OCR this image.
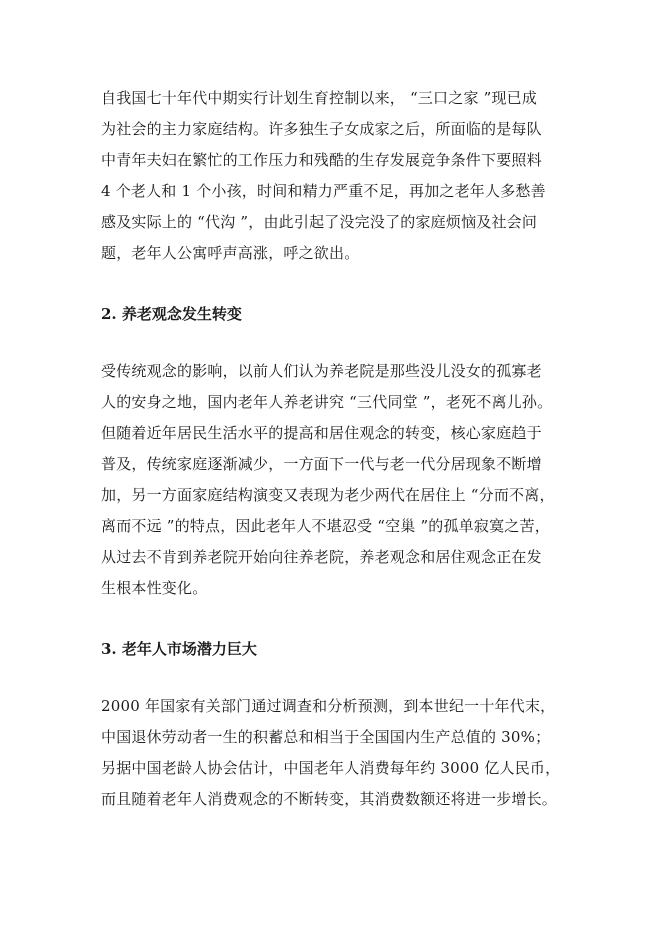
自我国七十年代中期实行计划生育控制以来， “三口之家 ”现已成
为社会的主力家庭结构。许多独生子女成家之后，所面临的是每队
中青年夫妇在繁忙的工作压力和残酷的生存发展竞争条件下要照料
4 个老人和 1 个小孩，时间和精力严重不足，再加之老年人多愁善
感及实际上的 “代沟 ”，由此引起了没完没了的家庭烦恼及社会问
题，老年人公寓呼声高涨，呼之欲出。
2. 养老观念发生转变
受传统观念的影响，以前人们认为养老院是那些没儿没女的孤寡老
人的安身之地，国内老年人养老讲究 “三代同堂 ”，老死不离儿孙。
但随着近年居民生活水平的提高和居住观念的转变，核心家庭趋于
普及，传统家庭逐渐减少，一方面下一代与老一代分居现象不断增
加，另一方面家庭结构演变又表现为老少两代在居住上 “分而不离，
离而不远 ”的特点，因此老年人不堪忍受 “空巢 ”的孤单寂寞之苦，
从过去不肯到养老院开始向往养老院，养老观念和居住观念正在发
生根本性变化。
3. 老年人市场潜力巨大
2000 年国家有关部门通过调查和分析预测，到本世纪一十年代末，
中国退休劳动者一生的积蓄总和相当于全国国内生产总值的 30%；
另据中国老龄人协会估计，中国老年人消费每年约 3000 亿人民币，
而且随着老年人消费观念的不断转变，其消费数额还将进一步增长。
